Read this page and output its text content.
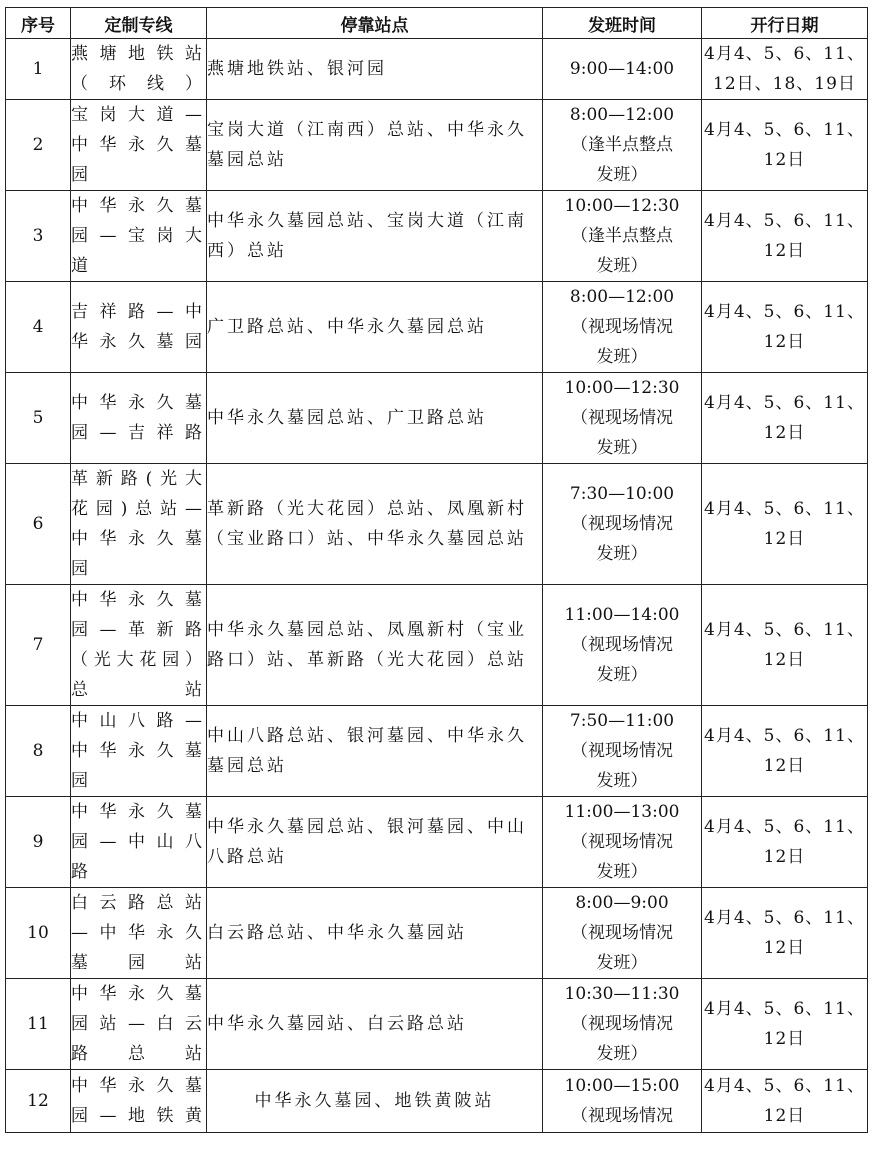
序号	定制专线	停靠站点	发班时间	开行日期
1	燕塘地铁站
（环线）	燕塘地铁站、银河园	9:00—14:00	4月4、5、6、11、
12日、18、19日

2	宝岗大道—
中华永久墓
园	宝岗大道（江南西）总站、中华永久
墓园总站	8:00—12:00
（逢半点整点
发班）	4月4、5、6、11、
12日

3	中华永久墓
园—宝岗大
道	中华永久墓园总站、宝岗大道（江南
西）总站	10:00—12:30
（逢半点整点
发班）	4月4、5、6、11、
12日

4	吉祥路—中
华永久墓园	广卫路总站、中华永久墓园总站	8:00—12:00
（视现场情况
发班）	4月4、5、6、11、
12日

5	中华永久墓
园—吉祥路	中华永久墓园总站、广卫路总站	10:00—12:30
（视现场情况
发班）	4月4、5、6、11、
12日

6	革新路(光大
花园)总站—
中华永久墓
园	革新路（光大花园）总站、凤凰新村
（宝业路口）站、中华永久墓园总站	7:30—10:00
（视现场情况
发班）	4月4、5、6、11、
12日

7	中华永久墓
园—革新路
（光大花园）
总站	中华永久墓园总站、凤凰新村（宝业
路口）站、革新路（光大花园）总站	11:00—14:00
（视现场情况
发班）	4月4、5、6、11、
12日

8	中山八路—
中华永久墓
园	中山八路总站、银河墓园、中华永久
墓园总站	7:50—11:00
（视现场情况
发班）	4月4、5、6、11、
12日

9	中华永久墓
园—中山八
路	中华永久墓园总站、银河墓园、中山
八路总站	11:00—13:00
（视现场情况
发班）	4月4、5、6、11、
12日

10	白云路总站
—中华永久
墓园站	白云路总站、中华永久墓园站	8:00—9:00
（视现场情况
发班）	4月4、5、6、11、
12日

11	中华永久墓
园站—白云
路总站	中华永久墓园站、白云路总站	10:30—11:30
（视现场情况
发班）	4月4、5、6、11、
12日

12	中华永久墓
园—地铁黄	中华永久墓园、地铁黄陂站	10:00—15:00
（视现场情况	4月4、5、6、11、
12日
